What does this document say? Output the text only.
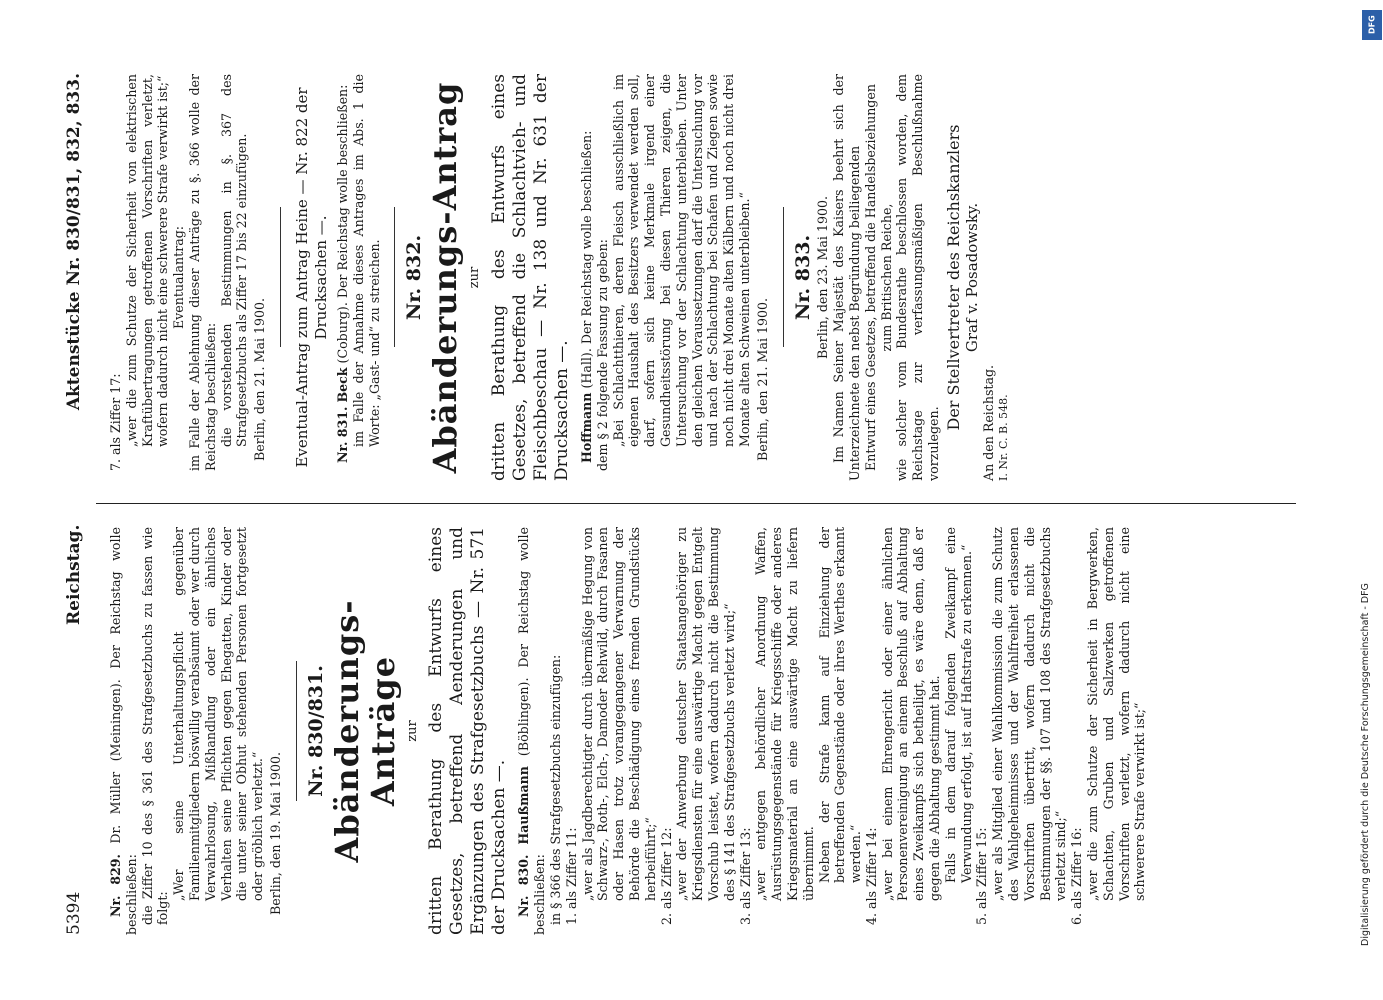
5394
Reichstag.
Aktenstücke Nr. 830/831, 832, 833.

Nr. 829. Dr. Müller (Meiningen). Der Reichstag wolle beschließen: die Ziffer 10 des § 361 des Strafgesetzbuchs zu fassen wie folgt:

„Wer seine Unterhaltungspflicht gegenüber Familienmitgliedern böswillig verabsäumt oder wer durch Verwahrlosung, Mißhandlung oder ein ähnliches Verhalten seine Pflichten gegen Ehegatten, Kinder oder die unter seiner Obhut stehenden Personen fortgesetzt oder gröblich verletzt.“ Berlin, den 19. Mai 1900.

Nr. 830/831. Abänderungs-Anträge zur dritten Berathung des Entwurfs eines Gesetzes, betreffend Aenderungen und Ergänzungen des Strafgesetzbuchs — Nr. 571 der Drucksachen —. Nr. 830. Haußmann (Böblingen). Der Reichstag wolle beschließen: in § 366 des Strafgesetzbuchs einzufügen: 1. als Ziffer 11: „wer als Jagdberechtigter durch übermäßige Hegung von Schwarz-, Roth-, Elch-, Damoder Rehwild, durch Fasanen oder Hasen trotz vorangegangener Verwarnung der Behörde die Beschädigung eines fremden Grundstücks herbeiführt;“ 2. als Ziffer 12: „wer der Anwerbung deutscher Staatsangehöriger zu Kriegsdiensten für eine auswärtige Macht gegen Entgelt Vorschub leistet, wofern dadurch nicht die Bestimmung des § 141 des Strafgesetzbuchs verletzt wird;“ 3. als Ziffer 13: „wer entgegen behördlicher Anordnung Waffen, Ausrüstungsgegenstände für Kriegsschiffe oder anderes Kriegsmaterial an eine auswärtige Macht zu liefern übernimmt. Neben der Strafe kann auf Einziehung der betreffenden Gegenstände oder ihres Werthes erkannt werden.“ 4. als Ziffer 14: „wer bei einem Ehrengericht oder einer ähnlichen Personenvereinigung an einem Beschluß auf Abhaltung eines Zweikampfs sich betheiligt, es wäre denn, daß er gegen die Abhaltung gestimmt hat. Falls in dem darauf folgenden Zweikampf eine Verwundung erfolgt, ist auf Haftstrafe zu erkennen.“ 5. als Ziffer 15: „wer als Mitglied einer Wahlkommission die zum Schutz des Wahlgeheimnisses und der Wahlfreiheit erlassenen Vorschriften übertritt, wofern dadurch nicht die Bestimmungen der §§. 107 und 108 des Strafgesetzbuchs verletzt sind;“ 6. als Ziffer 16: „wer die zum Schutze der Sicherheit in Bergwerken, Schachten, Gruben und Salzwerken getroffenen Vorschriften verletzt, wofern dadurch nicht eine schwerere Strafe verwirkt ist;“

7. als Ziffer 17: „wer die zum Schutze der Sicherheit von elektrischen Kraftübertragungen getroffenen Vorschriften verletzt, wofern dadurch nicht eine schwerere Strafe verwirkt ist;“ Eventualantrag: im Falle der Ablehnung dieser Anträge zu §. 366 wolle der Reichstag beschließen: die vorstehenden Bestimmungen in §. 367 des Strafgesetzbuchs als Ziffer 17 bis 22 einzufügen. Berlin, den 21. Mai 1900. Eventual-Antrag zum Antrag Heine — Nr. 822 der Drucksachen —.

Nr. 831. Beck (Coburg). Der Reichstag wolle beschließen: im Falle der Annahme dieses Antrages im Abs. 1 die Worte: „Gast- und“ zu streichen. Nr. 832. Abänderungs-Antrag zur dritten Berathung des Entwurfs eines Gesetzes, betreffend die Schlachtvieh- und Fleischbeschau — Nr. 138 und Nr. 631 der Drucksachen —. Hoffmann (Hall). Der Reichstag wolle beschließen:

dem § 2 folgende Fassung zu geben: „Bei Schlachtthieren, deren Fleisch ausschließlich im eigenen Haushalt des Besitzers verwendet werden soll, darf, sofern sich keine Merkmale irgend einer Gesundheitsstörung bei diesen Thieren zeigen, die Untersuchung vor der Schlachtung unterbleiben. Unter den gleichen Voraussetzungen darf die Untersuchung vor und nach der Schlachtung bei Schafen und Ziegen sowie noch nicht drei Monate alten Kälbern und noch nicht drei Monate alten Schweinen unterbleiben.“ Berlin, den 21. Mai 1900.

Nr. 833. Berlin, den 23. Mai 1900. Im Namen Seiner Majestät des Kaisers beehrt sich der Unterzeichnete den nebst Begründung beiliegenden Entwurf eines Gesetzes, betreffend die Handelsbeziehungen zum Britischen Reiche, wie solcher vom Bundesrathe beschlossen worden, dem Reichstage zur verfassungsmäßigen Beschlußnahme vorzulegen.

Der Stellvertreter des Reichskanzlers Graf v. Posadowsky.

An den Reichstag. I. Nr. C. B. 548.

DFG
Digitalisierung gefördert durch die Deutsche Forschungsgemeinschaft - DFG
